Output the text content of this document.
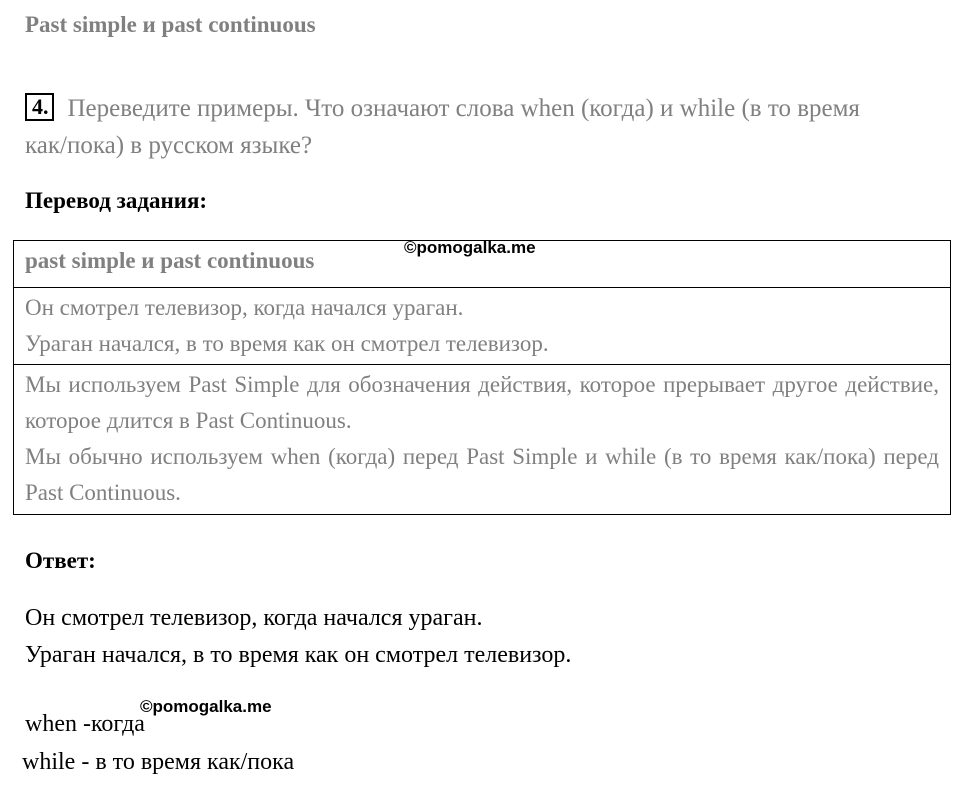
Past simple и past continuous
4. Переведите примеры. Что означают слова when (когда) и while (в то время как/пока) в русском языке?
Перевод задания:
past simple и past continuous

Он смотрел телевизор, когда начался ураган.

Ураган начался, в то время как он смотрел телевизор.

Мы используем Past Simple для обозначения действия, которое прерывает другое действие, которое длится в Past Continuous.

Мы обычно используем when (когда) перед Past Simple и while (в то время как/пока) перед Past Continuous.

©pomogalka.me
Ответ:

Он смотрел телевизор, когда начался ураган.

Ураган начался, в то время как он смотрел телевизор.

©pomogalka.me
when -когда
while - в то время как/пока
